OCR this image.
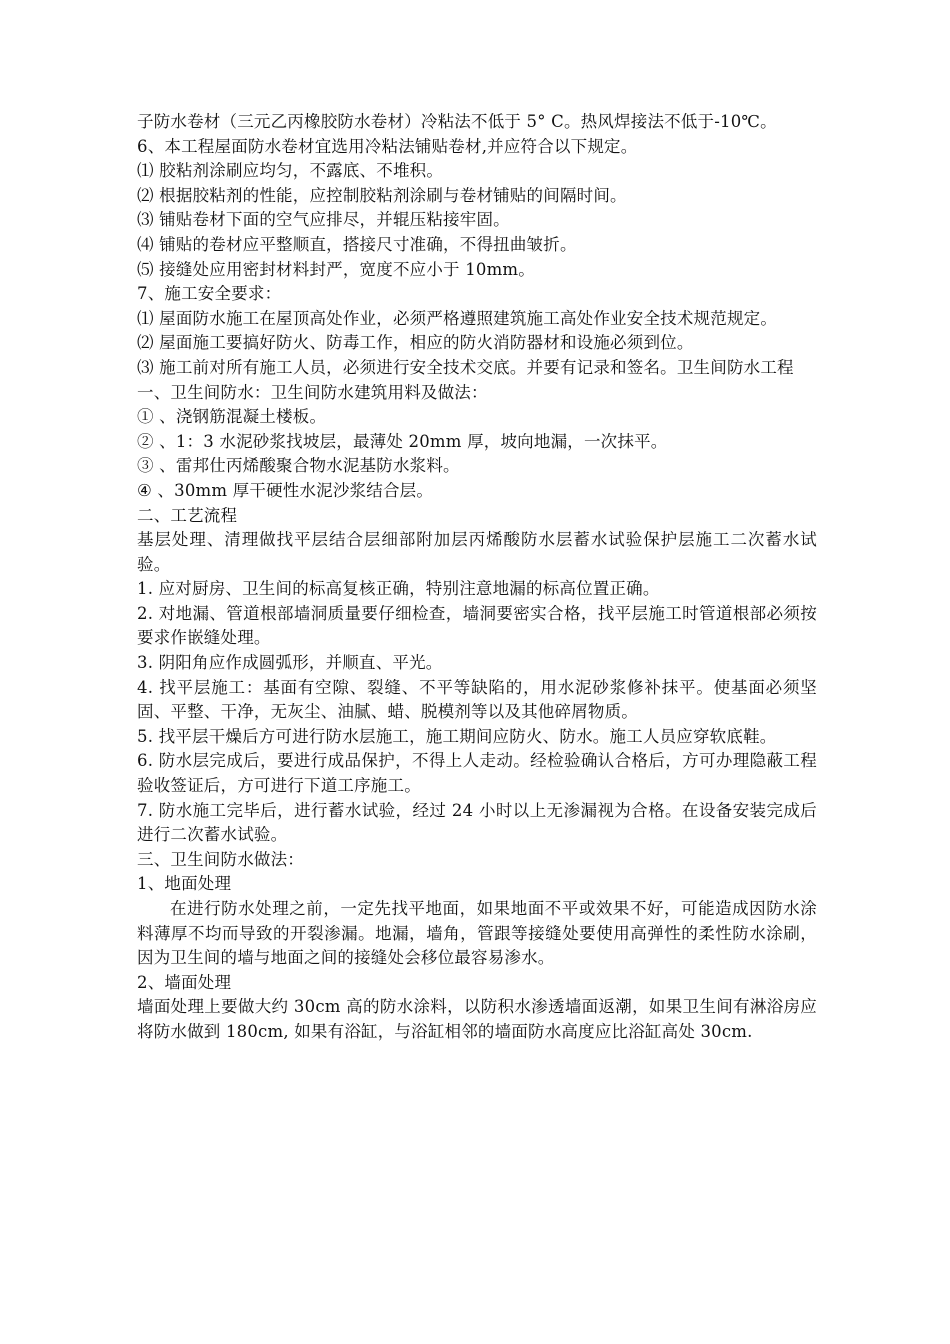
子防水卷材（三元乙丙橡胶防水卷材）冷粘法不低于 5° C。热风焊接法不低于-10℃。

6、本工程屋面防水卷材宜选用冷粘法铺贴卷材,并应符合以下规定。

⑴ 胶粘剂涂刷应均匀，不露底、不堆积。

⑵ 根据胶粘剂的性能，应控制胶粘剂涂刷与卷材铺贴的间隔时间。

⑶ 铺贴卷材下面的空气应排尽，并辊压粘接牢固。

⑷ 铺贴的卷材应平整顺直，搭接尺寸准确，不得扭曲皱折。

⑸ 接缝处应用密封材料封严，宽度不应小于 10mm。

7、施工安全要求：

⑴ 屋面防水施工在屋顶高处作业，必须严格遵照建筑施工高处作业安全技术规范规定。

⑵ 屋面施工要搞好防火、防毒工作，相应的防火消防器材和设施必须到位。

⑶ 施工前对所有施工人员，必须进行安全技术交底。并要有记录和签名。卫生间防水工程

一、卫生间防水：卫生间防水建筑用料及做法：

① 、浇钢筋混凝土楼板。

② 、1：3 水泥砂浆找坡层，最薄处 20mm 厚，坡向地漏，一次抹平。

③ 、雷邦仕丙烯酸聚合物水泥基防水浆料。

④ 、30mm 厚干硬性水泥沙浆结合层。

二、工艺流程

基层处理、清理做找平层结合层细部附加层丙烯酸防水层蓄水试验保护层施工二次蓄水试验。

1. 应对厨房、卫生间的标高复核正确，特别注意地漏的标高位置正确。

2. 对地漏、管道根部墙洞质量要仔细检查，墙洞要密实合格，找平层施工时管道根部必须按要求作嵌缝处理。

3. 阴阳角应作成圆弧形，并顺直、平光。

4. 找平层施工：基面有空隙、裂缝、不平等缺陷的，用水泥砂浆修补抹平。使基面必须坚固、平整、干净，无灰尘、油腻、蜡、脱模剂等以及其他碎屑物质。

5. 找平层干燥后方可进行防水层施工，施工期间应防火、防水。施工人员应穿软底鞋。

6. 防水层完成后，要进行成品保护，不得上人走动。经检验确认合格后，方可办理隐蔽工程验收签证后，方可进行下道工序施工。

7. 防水施工完毕后，进行蓄水试验，经过 24 小时以上无渗漏视为合格。在设备安装完成后进行二次蓄水试验。

三、卫生间防水做法：

1、地面处理

在进行防水处理之前，一定先找平地面，如果地面不平或效果不好，可能造成因防水涂料薄厚不均而导致的开裂渗漏。地漏，墙角，管跟等接缝处要使用高弹性的柔性防水涂刷，因为卫生间的墙与地面之间的接缝处会移位最容易渗水。

2、墙面处理

墙面处理上要做大约 30cm 高的防水涂料，以防积水渗透墙面返潮，如果卫生间有淋浴房应将防水做到 180cm, 如果有浴缸，与浴缸相邻的墙面防水高度应比浴缸高处 30cm.
